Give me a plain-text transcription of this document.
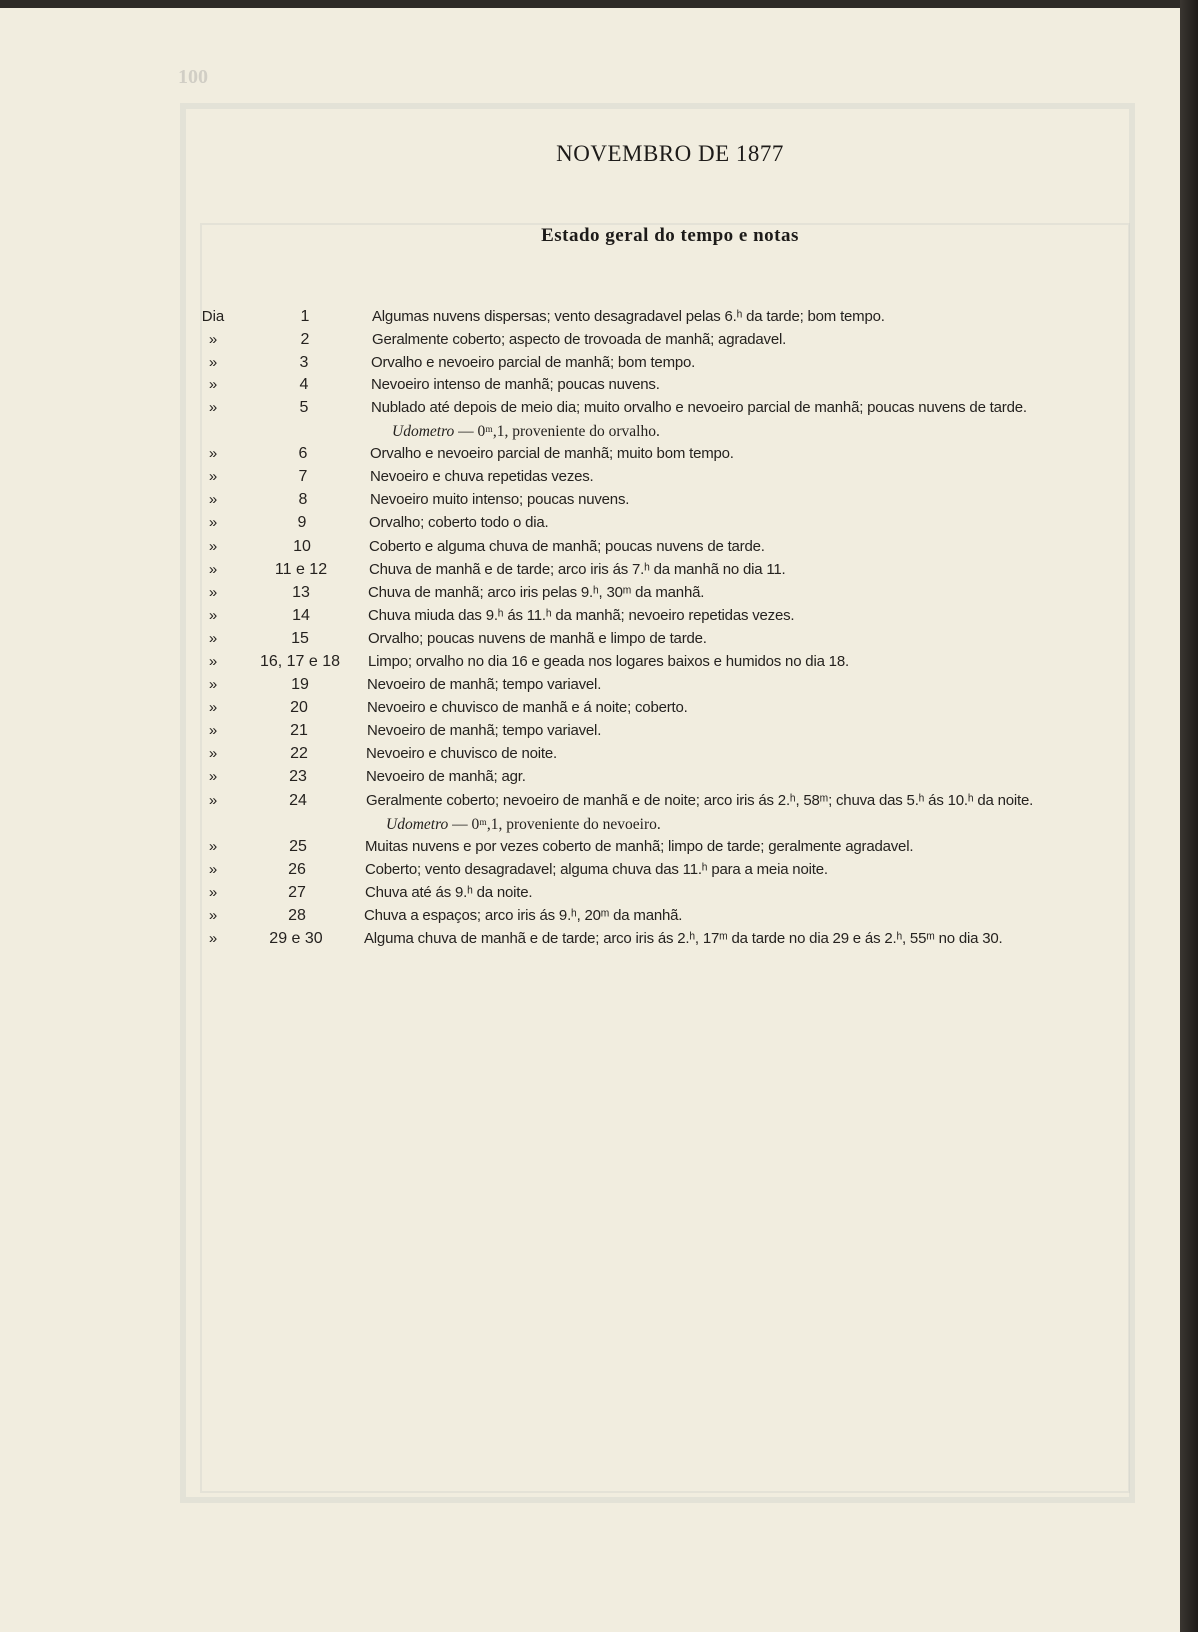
100
NOVEMBRO DE 1877
Estado geral do tempo e notas
Dia	1	Algumas nuvens dispersas; vento desagradavel pelas 6.ʰ da tarde; bom tempo.
»	2	Geralmente coberto; aspecto de trovoada de manhã; agradavel.
»	3	Orvalho e nevoeiro parcial de manhã; bom tempo.
»	4	Nevoeiro intenso de manhã; poucas nuvens.
»	5	Nublado até depois de meio dia; muito orvalho e nevoeiro parcial de manhã; poucas nuvens de tarde.
Udometro — 0ᵐ,1, proveniente do orvalho.
»	6	Orvalho e nevoeiro parcial de manhã; muito bom tempo.
»	7	Nevoeiro e chuva repetidas vezes.
»	8	Nevoeiro muito intenso; poucas nuvens.
»	9	Orvalho; coberto todo o dia.
»	10	Coberto e alguma chuva de manhã; poucas nuvens de tarde.
»	11 e 12	Chuva de manhã e de tarde; arco iris ás 7.ʰ da manhã no dia 11.
»	13	Chuva de manhã; arco iris pelas 9.ʰ, 30ᵐ da manhã.
»	14	Chuva miuda das 9.ʰ ás 11.ʰ da manhã; nevoeiro repetidas vezes.
»	15	Orvalho; poucas nuvens de manhã e limpo de tarde.
»	16, 17 e 18	Limpo; orvalho no dia 16 e geada nos logares baixos e humidos no dia 18.
»	19	Nevoeiro de manhã; tempo variavel.
»	20	Nevoeiro e chuvisco de manhã e á noite; coberto.
»	21	Nevoeiro de manhã; tempo variavel.
»	22	Nevoeiro e chuvisco de noite.
»	23	Nevoeiro de manhã; agr.
»	24	Geralmente coberto; nevoeiro de manhã e de noite; arco iris ás 2.ʰ, 58ᵐ; chuva das 5.ʰ ás 10.ʰ da noite.
Udometro — 0ᵐ,1, proveniente do nevoeiro.
»	25	Muitas nuvens e por vezes coberto de manhã; limpo de tarde; geralmente agradavel.
»	26	Coberto; vento desagradavel; alguma chuva das 11.ʰ para a meia noite.
»	27	Chuva até ás 9.ʰ da noite.
»	28	Chuva a espaços; arco iris ás 9.ʰ, 20ᵐ da manhã.
»	29 e 30	Alguma chuva de manhã e de tarde; arco iris ás 2.ʰ, 17ᵐ da tarde no dia 29 e ás 2.ʰ, 55ᵐ no dia 30.
